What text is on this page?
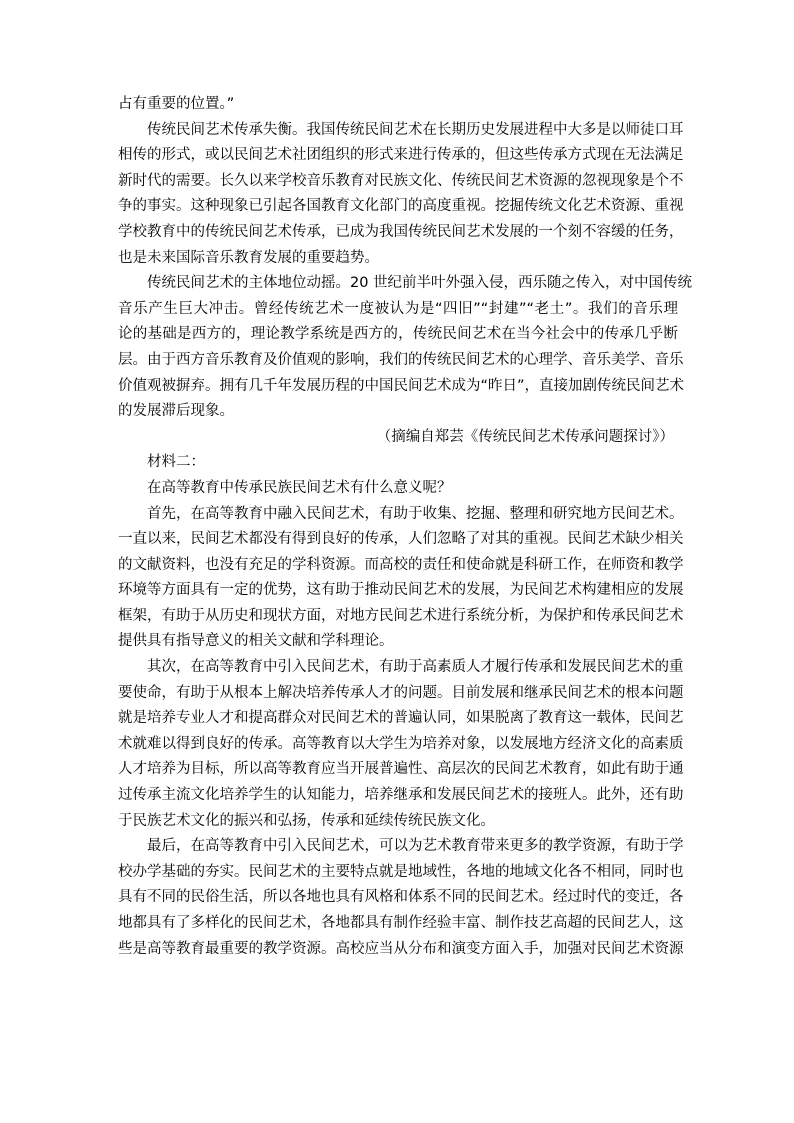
占有重要的位置。”
传统民间艺术传承失衡。我国传统民间艺术在长期历史发展进程中大多是以师徒口耳
相传的形式，或以民间艺术社团组织的形式来进行传承的，但这些传承方式现在无法满足
新时代的需要。长久以来学校音乐教育对民族文化、传统民间艺术资源的忽视现象是个不
争的事实。这种现象已引起各国教育文化部门的高度重视。挖掘传统文化艺术资源、重视
学校教育中的传统民间艺术传承，已成为我国传统民间艺术发展的一个刻不容缓的任务，
也是未来国际音乐教育发展的重要趋势。
传统民间艺术的主体地位动摇。20 世纪前半叶外强入侵，西乐随之传入，对中国传统
音乐产生巨大冲击。曾经传统艺术一度被认为是“四旧”“封建”“老土”。我们的音乐理
论的基础是西方的，理论教学系统是西方的，传统民间艺术在当今社会中的传承几乎断
层。由于西方音乐教育及价值观的影响，我们的传统民间艺术的心理学、音乐美学、音乐
价值观被摒弃。拥有几千年发展历程的中国民间艺术成为“昨日”，直接加剧传统民间艺术
的发展滞后现象。
（摘编自郑芸《传统民间艺术传承问题探讨》）
材料二：
在高等教育中传承民族民间艺术有什么意义呢？
首先，在高等教育中融入民间艺术，有助于收集、挖掘、整理和研究地方民间艺术。
一直以来，民间艺术都没有得到良好的传承，人们忽略了对其的重视。民间艺术缺少相关
的文献资料，也没有充足的学科资源。而高校的责任和使命就是科研工作，在师资和教学
环境等方面具有一定的优势，这有助于推动民间艺术的发展，为民间艺术构建相应的发展
框架，有助于从历史和现状方面，对地方民间艺术进行系统分析，为保护和传承民间艺术
提供具有指导意义的相关文献和学科理论。
其次，在高等教育中引入民间艺术，有助于高素质人才履行传承和发展民间艺术的重
要使命，有助于从根本上解决培养传承人才的问题。目前发展和继承民间艺术的根本问题
就是培养专业人才和提高群众对民间艺术的普遍认同，如果脱离了教育这一载体，民间艺
术就难以得到良好的传承。高等教育以大学生为培养对象，以发展地方经济文化的高素质
人才培养为目标，所以高等教育应当开展普遍性、高层次的民间艺术教育，如此有助于通
过传承主流文化培养学生的认知能力，培养继承和发展民间艺术的接班人。此外，还有助
于民族艺术文化的振兴和弘扬，传承和延续传统民族文化。
最后，在高等教育中引入民间艺术，可以为艺术教育带来更多的教学资源，有助于学
校办学基础的夯实。民间艺术的主要特点就是地域性，各地的地域文化各不相同，同时也
具有不同的民俗生活，所以各地也具有风格和体系不同的民间艺术。经过时代的变迁，各
地都具有了多样化的民间艺术，各地都具有制作经验丰富、制作技艺高超的民间艺人，这
些是高等教育最重要的教学资源。高校应当从分布和演变方面入手，加强对民间艺术资源
